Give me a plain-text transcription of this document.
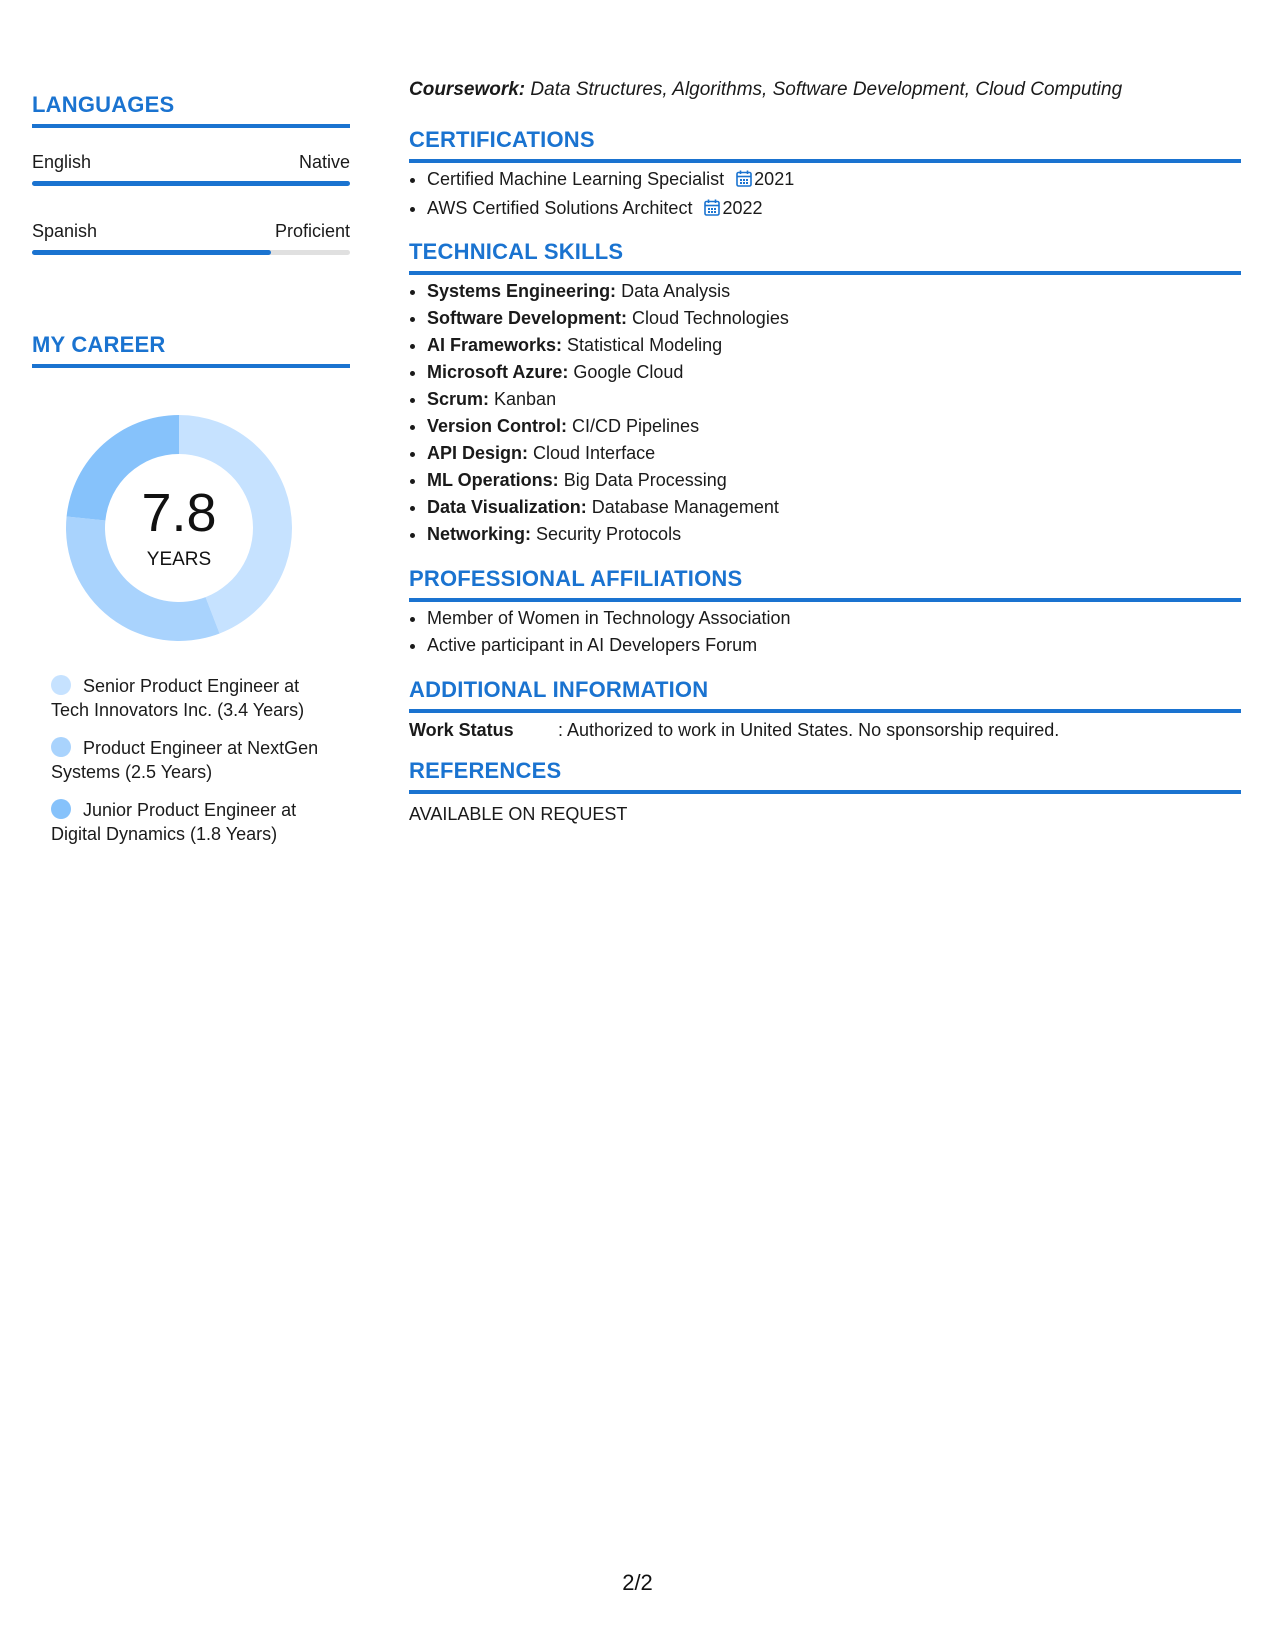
LANGUAGES
English	Native
Spanish	Proficient
MY CAREER
7.8
YEARS
Senior Product Engineer at Tech Innovators Inc. (3.4 Years)
Product Engineer at NextGen Systems (2.5 Years)
Junior Product Engineer at Digital Dynamics (1.8 Years)
Coursework: Data Structures, Algorithms, Software Development, Cloud Computing
CERTIFICATIONS
• Certified Machine Learning Specialist 2021
• AWS Certified Solutions Architect 2022
TECHNICAL SKILLS
• Systems Engineering: Data Analysis
• Software Development: Cloud Technologies
• AI Frameworks: Statistical Modeling
• Microsoft Azure: Google Cloud
• Scrum: Kanban
• Version Control: CI/CD Pipelines
• API Design: Cloud Interface
• ML Operations: Big Data Processing
• Data Visualization: Database Management
• Networking: Security Protocols
PROFESSIONAL AFFILIATIONS
• Member of Women in Technology Association
• Active participant in AI Developers Forum
ADDITIONAL INFORMATION
Work Status : Authorized to work in United States. No sponsorship required.
REFERENCES
AVAILABLE ON REQUEST
2/2
